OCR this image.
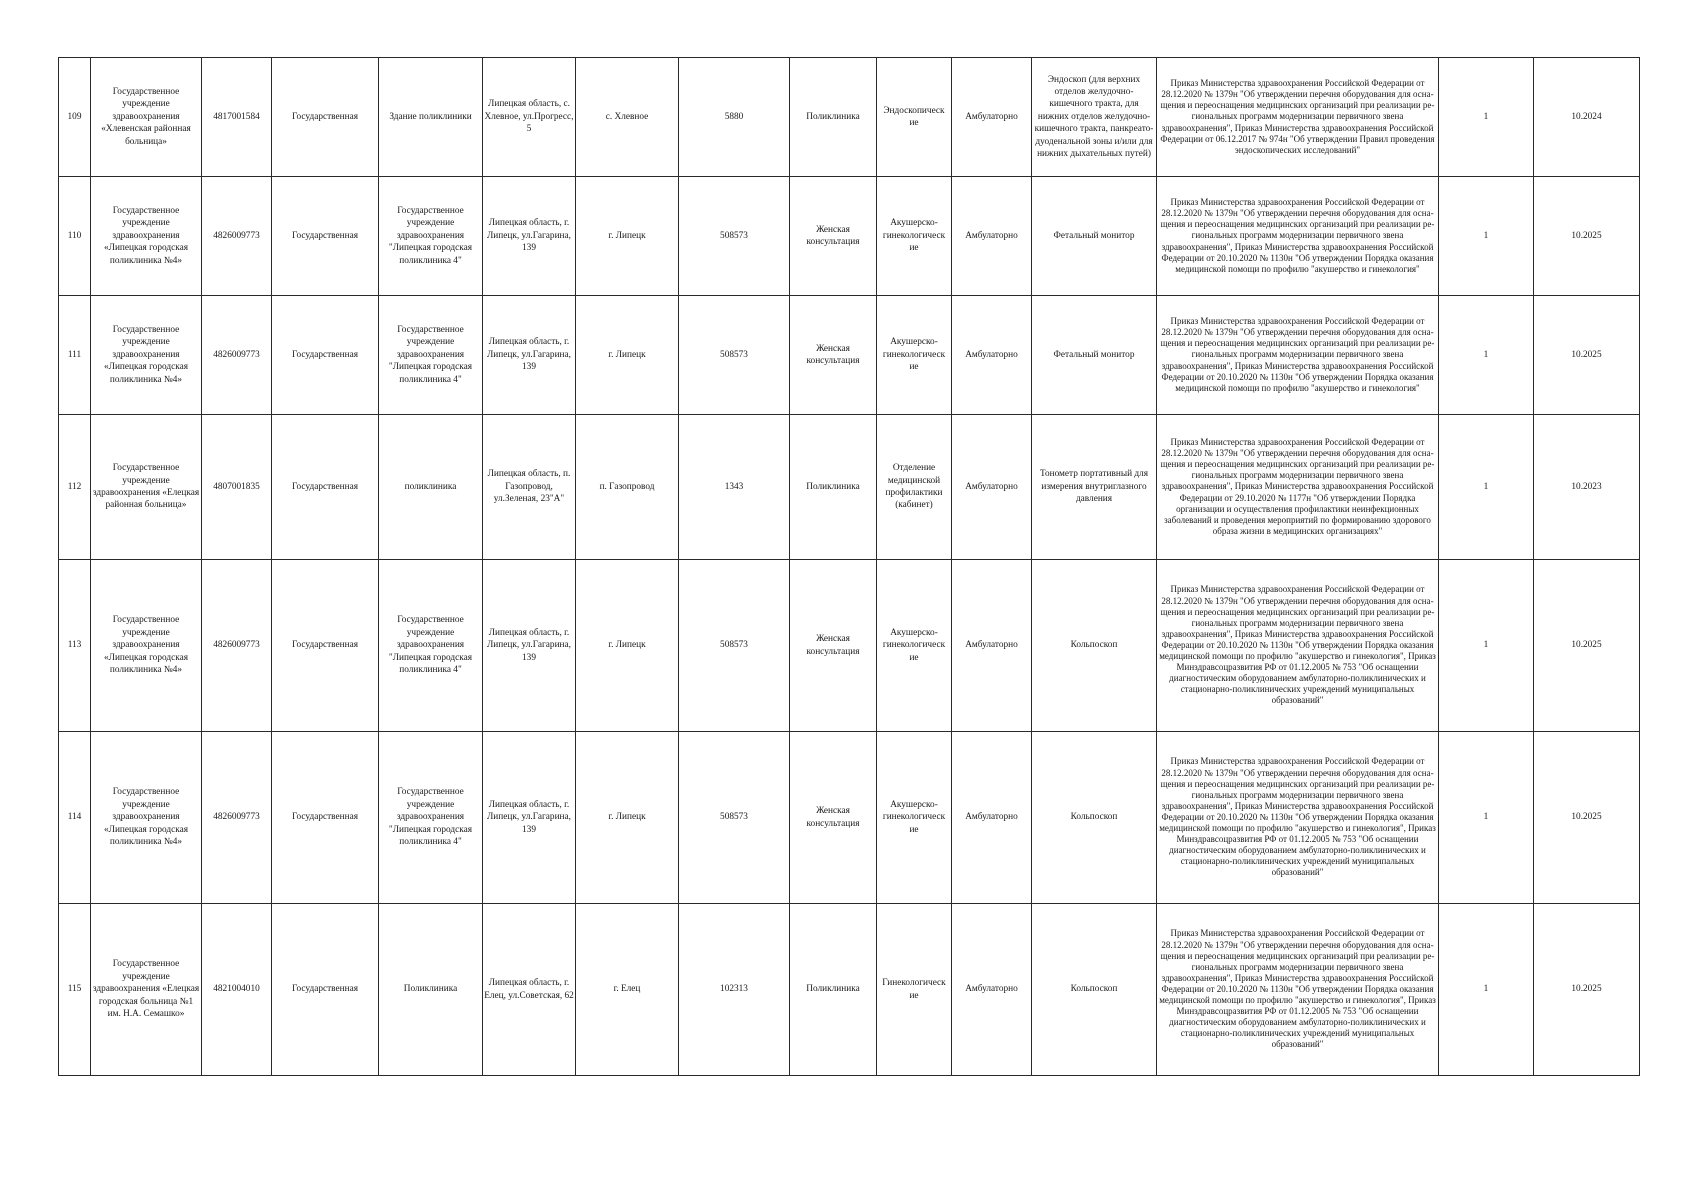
109	Государственное учреждение здравоохранения «Хлевенская районная больница»	4817001584	Государственная	Здание поликлиники	Липецкая область, с. Хлевное, ул.Прогресс, 5	с. Хлевное	5880	Поликлиника	Эндоскопическ ие	Амбулаторно	Эндоскоп (для верхних отделов желудочно-кишечного тракта, для нижних отделов желудочно-кишечного тракта, панкреато-дуоденальной зоны и/или для нижних дыхательных путей)	Приказ Министерства здравоохранения Российской Федерации от 28.12.2020 № 1379н "Об утверждении перечня оборудования для осна-щения и переоснащения медицинских организаций при реализации ре-гиональных программ модернизации первичного звена здравоохранения", Приказ Министерства здравоохранения Российской Федерации от 06.12.2017 № 974н "Об утверждении Правил проведения эндоскопических исследований"	1	10.2024
110	Государственное учреждение здравоохранения «Липецкая городская поликлиника №4»	4826009773	Государственная	Государственное учреждение здравоохранения "Липецкая городская поликлиника 4"	Липецкая область, г. Липецк, ул.Гагарина, 139	г. Липецк	508573	Женская консультация	Акушерско-гинекологическ ие	Амбулаторно	Фетальный монитор	Приказ Министерства здравоохранения Российской Федерации от 28.12.2020 № 1379н "Об утверждении перечня оборудования для осна-щения и переоснащения медицинских организаций при реализации ре-гиональных программ модернизации первичного звена здравоохранения", Приказ Министерства здравоохранения Российской Федерации от 20.10.2020 № 1130н "Об утверждении Порядка оказания медицинской помощи по профилю "акушерство и гинекология"	1	10.2025
111	Государственное учреждение здравоохранения «Липецкая городская поликлиника №4»	4826009773	Государственная	Государственное учреждение здравоохранения "Липецкая городская поликлиника 4"	Липецкая область, г. Липецк, ул.Гагарина, 139	г. Липецк	508573	Женская консультация	Акушерско-гинекологическ ие	Амбулаторно	Фетальный монитор	Приказ Министерства здравоохранения Российской Федерации от 28.12.2020 № 1379н "Об утверждении перечня оборудования для осна-щения и переоснащения медицинских организаций при реализации ре-гиональных программ модернизации первичного звена здравоохранения", Приказ Министерства здравоохранения Российской Федерации от 20.10.2020 № 1130н "Об утверждении Порядка оказания медицинской помощи по профилю "акушерство и гинекология"	1	10.2025
112	Государственное учреждение здравоохранения «Елецкая районная больница»	4807001835	Государственная	поликлиника	Липецкая область, п. Газопровод, ул.Зеленая, 23"А"	п. Газопровод	1343	Поликлиника	Отделение медицинской профилактики (кабинет)	Амбулаторно	Тонометр портативный для измерения внутриглазного давления	Приказ Министерства здравоохранения Российской Федерации от 28.12.2020 № 1379н "Об утверждении перечня оборудования для осна-щения и переоснащения медицинских организаций при реализации ре-гиональных программ модернизации первичного звена здравоохранения", Приказ Министерства здравоохранения Российской Федерации от 29.10.2020 № 1177н "Об утверждении Порядка организации и осуществления профилактики неинфекционных заболеваний и проведения мероприятий по формированию здорового образа жизни в медицинских организациях"	1	10.2023
113	Государственное учреждение здравоохранения «Липецкая городская поликлиника №4»	4826009773	Государственная	Государственное учреждение здравоохранения "Липецкая городская поликлиника 4"	Липецкая область, г. Липецк, ул.Гагарина, 139	г. Липецк	508573	Женская консультация	Акушерско-гинекологическ ие	Амбулаторно	Кольпоскоп	Приказ Министерства здравоохранения Российской Федерации от 28.12.2020 № 1379н "Об утверждении перечня оборудования для осна-щения и переоснащения медицинских организаций при реализации ре-гиональных программ модернизации первичного звена здравоохранения", Приказ Министерства здравоохранения Российской Федерации от 20.10.2020 № 1130н "Об утверждении Порядка оказания медицинской помощи по профилю "акушерство и гинекология", Приказ Минздравсоцразвития РФ от 01.12.2005 № 753 "Об оснащении диагностическим оборудованием амбулаторно-поликлинических и стационарно-поликлинических учреждений муниципальных образований"	1	10.2025
114	Государственное учреждение здравоохранения «Липецкая городская поликлиника №4»	4826009773	Государственная	Государственное учреждение здравоохранения "Липецкая городская поликлиника 4"	Липецкая область, г. Липецк, ул.Гагарина, 139	г. Липецк	508573	Женская консультация	Акушерско-гинекологическ ие	Амбулаторно	Кольпоскоп	Приказ Министерства здравоохранения Российской Федерации от 28.12.2020 № 1379н "Об утверждении перечня оборудования для осна-щения и переоснащения медицинских организаций при реализации ре-гиональных программ модернизации первичного звена здравоохранения", Приказ Министерства здравоохранения Российской Федерации от 20.10.2020 № 1130н "Об утверждении Порядка оказания медицинской помощи по профилю "акушерство и гинекология", Приказ Минздравсоцразвития РФ от 01.12.2005 № 753 "Об оснащении диагностическим оборудованием амбулаторно-поликлинических и стационарно-поликлинических учреждений муниципальных образований"	1	10.2025
115	Государственное учреждение здравоохранения «Елецкая городская больница №1 им. Н.А. Семашко»	4821004010	Государственная	Поликлиника	Липецкая область, г. Елец, ул.Советская, 62	г. Елец	102313	Поликлиника	Гинекологическ ие	Амбулаторно	Кольпоскоп	Приказ Министерства здравоохранения Российской Федерации от 28.12.2020 № 1379н "Об утверждении перечня оборудования для осна-щения и переоснащения медицинских организаций при реализации ре-гиональных программ модернизации первичного звена здравоохранения", Приказ Министерства здравоохранения Российской Федерации от 20.10.2020 № 1130н "Об утверждении Порядка оказания медицинской помощи по профилю "акушерство и гинекология", Приказ Минздравсоцразвития РФ от 01.12.2005 № 753 "Об оснащении диагностическим оборудованием амбулаторно-поликлинических и стационарно-поликлинических учреждений муниципальных образований"	1	10.2025
